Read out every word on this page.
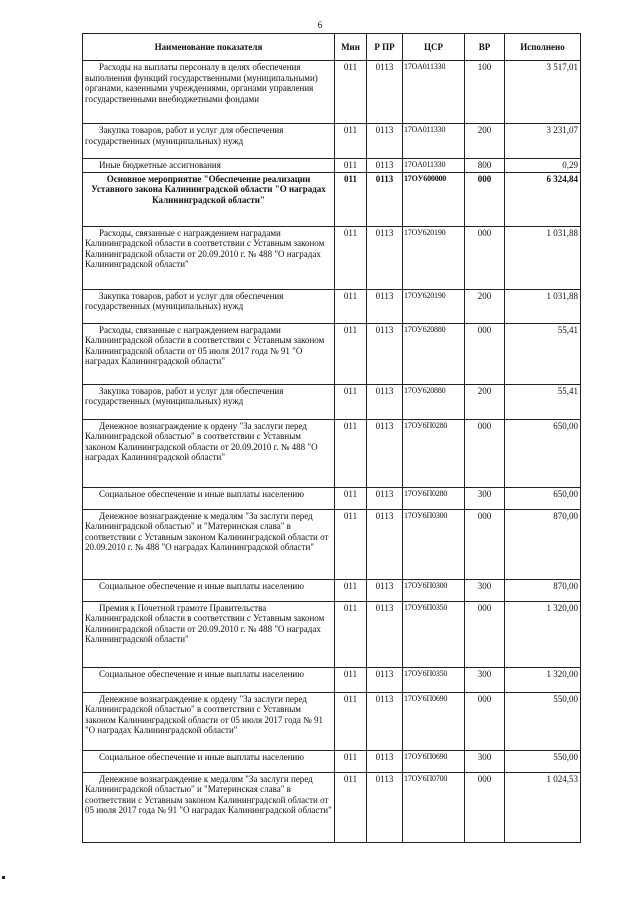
6
Наименование показателя	Мин	Р ПР	ЦСР	ВР	Исполнено
Расходы на выплаты персоналу в целях обеспечения выполнения функций государственными (муниципальными) органами, казенными учреждениями, органами управления государственными внебюджетными фондами	011	0113	17OA011330	100	3 517,01
Закупка товаров, работ и услуг для обеспечения государственных (муниципальных) нужд	011	0113	17OA011330	200	3 231,07
Иные бюджетные ассигнования	011	0113	17OA011330	800	0,29
Основное мероприятие "Обеспечение реализации Уставного закона Калининградской области "О наградах Калининградской области"	011	0113	17OУ600000	000	6 324,84
Расходы, связанные с награждением наградами Калининградской области в соответствии с Уставным законом Калининградской области от 20.09.2010 г. № 488 "О наградах Калининградской области"	011	0113	17OУ620190	000	1 031,88
Закупка товаров, работ и услуг для обеспечения государственных (муниципальных) нужд	011	0113	17OУ620190	200	1 031,88
Расходы, связанные с награждением наградами Калининградской области в соответствии с Уставным законом Калининградской области от 05 июля 2017 года № 91 "О наградах Калининградской области"	011	0113	17OУ620880	000	55,41
Закупка товаров, работ и услуг для обеспечения государственных (муниципальных) нужд	011	0113	17OУ620880	200	55,41
Денежное вознаграждение к ордену "За заслуги перед Калининградской областью" в соответствии с Уставным законом Калининградской области от 20.09.2010 г. № 488 "О наградах Калининградской области"	011	0113	17OУ6П0280	000	650,00
Социальное обеспечение и иные выплаты населению	011	0113	17OУ6П0280	300	650,00
Денежное вознаграждение к медалям "За заслуги перед Калининградской областью" и "Материнская слава" в соответствии с Уставным законом Калининградской области от 20.09.2010 г. № 488 "О наградах Калининградской области"	011	0113	17OУ6П0300	000	870,00
Социальное обеспечение и иные выплаты населению	011	0113	17OУ6П0300	300	870,00
Премия к Почетной грамоте Правительства Калининградской области в соответствии с Уставным законом Калининградской области от 20.09.2010 г. № 488 "О наградах Калининградской области"	011	0113	17OУ6П0350	000	1 320,00
Социальное обеспечение и иные выплаты населению	011	0113	17OУ6П0350	300	1 320,00
Денежное вознаграждение к ордену "За заслуги перед Калининградской областью" в соответствии с Уставным законом Калининградской области от 05 июля 2017 года № 91 "О наградах Калининградской области"	011	0113	17OУ6П0690	000	550,00
Социальное обеспечение и иные выплаты населению	011	0113	17OУ6П0690	300	550,00
Денежное вознаграждение к медалям "За заслуги перед Калининградской областью" и "Материнская слава" в соответствии с Уставным законом Калининградской области от 05 июля 2017 года № 91 "О наградах Калининградской области"	011	0113	17OУ6П0700	000	1 024,53
